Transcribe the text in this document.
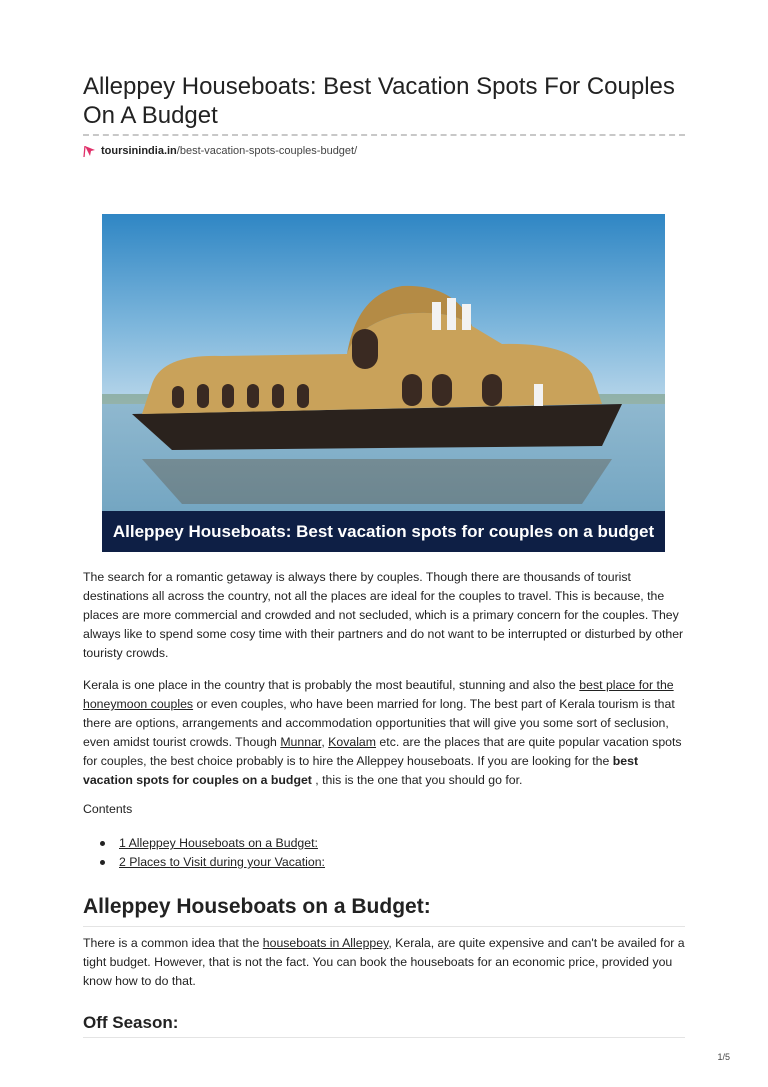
Alleppey Houseboats: Best Vacation Spots For Couples On A Budget
toursinindia.in /best-vacation-spots-couples-budget/
Alleppey Houseboats: Best vacation spots for couples on a budget

The search for a romantic getaway is always there by couples. Though there are thousands of tourist destinations all across the country, not all the places are ideal for the couples to travel. This is because, the places are more commercial and crowded and not secluded, which is a primary concern for the couples. They always like to spend some cosy time with their partners and do not want to be interrupted or disturbed by other touristy crowds.

Kerala is one place in the country that is probably the most beautiful, stunning and also the best place for the honeymoon couples or even couples, who have been married for long. The best part of Kerala tourism is that there are options, arrangements and accommodation opportunities that will give you some sort of seclusion, even amidst tourist crowds. Though Munnar, Kovalam etc. are the places that are quite popular vacation spots for couples, the best choice probably is to hire the Alleppey houseboats. If you are looking for the best vacation spots for couples on a budget , this is the one that you should go for.

Contents

1 Alleppey Houseboats on a Budget:
2 Places to Visit during your Vacation:
Alleppey Houseboats on a Budget:

There is a common idea that the houseboats in Alleppey, Kerala, are quite expensive and can't be availed for a tight budget. However, that is not the fact. You can book the houseboats for an economic price, provided you know how to do that.

Off Season:
1/5
